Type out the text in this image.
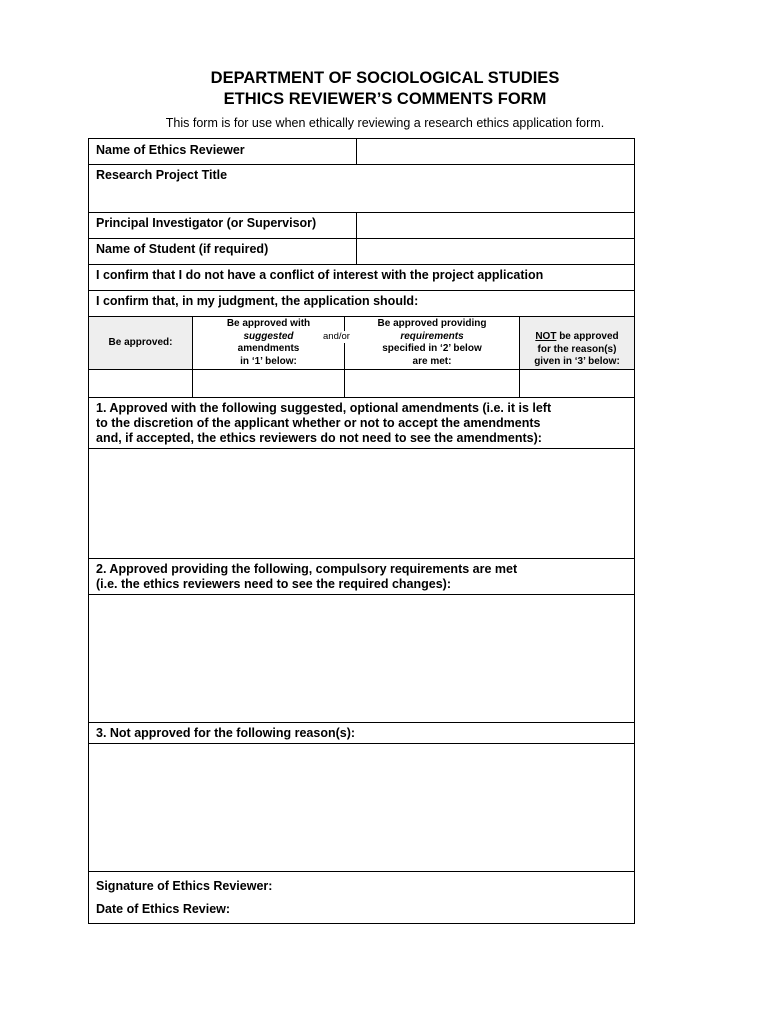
DEPARTMENT OF SOCIOLOGICAL STUDIES
ETHICS REVIEWER’S COMMENTS FORM
This form is for use when ethically reviewing a research ethics application form.
Name of Ethics Reviewer
Research Project Title
Principal Investigator (or Supervisor)
Name of Student (if required)
I confirm that I do not have a conflict of interest with the project application
I confirm that, in my judgment, the application should:
Be approved:
Be approved with
suggested
amendments
in ‘1’ below:
and/or
Be approved providing
requirements
specified in ‘2’ below
are met:
NOT be approved
for the reason(s)
given in ‘3’ below:
1. Approved with the following suggested, optional amendments (i.e. it is left
to the discretion of the applicant whether or not to accept the amendments
and, if accepted, the ethics reviewers do not need to see the amendments):
2. Approved providing the following, compulsory requirements are met
(i.e. the ethics reviewers need to see the required changes):
3. Not approved for the following reason(s):
Signature of Ethics Reviewer:
Date of Ethics Review:
